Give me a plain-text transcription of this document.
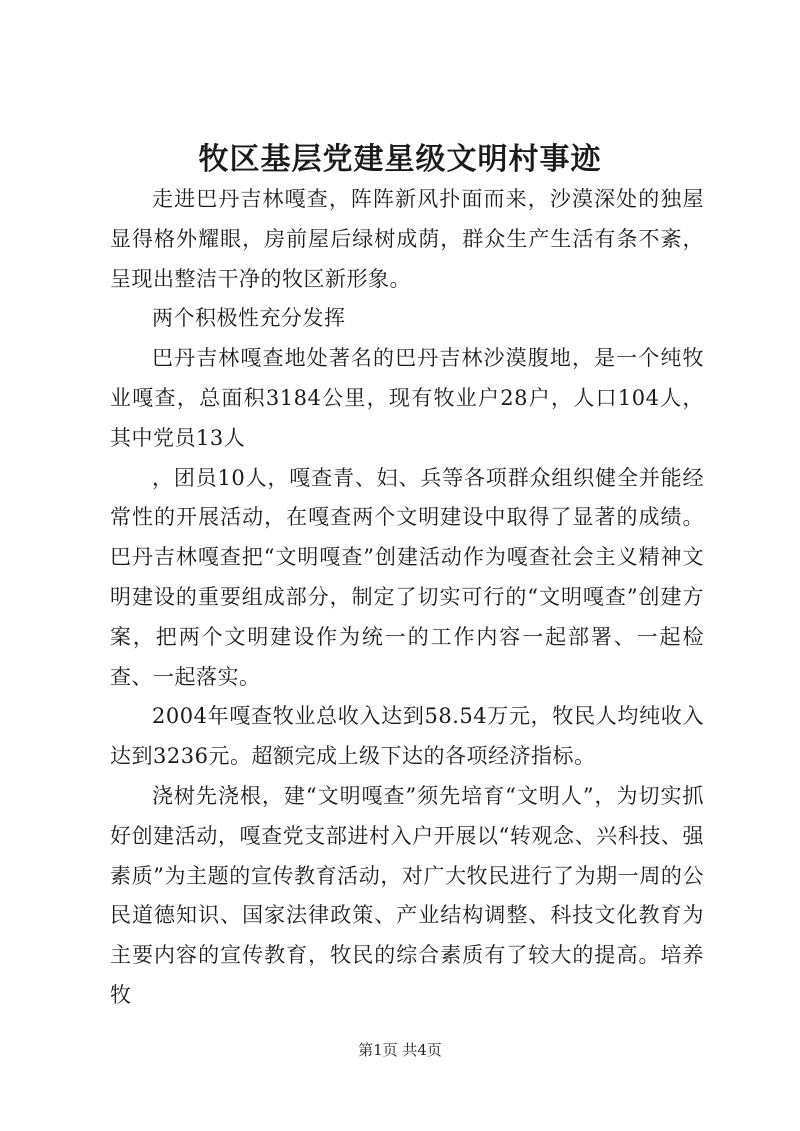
牧区基层党建星级文明村事迹

走进巴丹吉林嘎查，阵阵新风扑面而来，沙漠深处的独屋显得格外耀眼，房前屋后绿树成荫，群众生产生活有条不紊，呈现出整洁干净的牧区新形象。

两个积极性充分发挥

巴丹吉林嘎查地处著名的巴丹吉林沙漠腹地，是一个纯牧业嘎查，总面积3184公里，现有牧业户28户，人口104人，其中党员13人

，团员10人，嘎查青、妇、兵等各项群众组织健全并能经常性的开展活动，在嘎查两个文明建设中取得了显著的成绩。巴丹吉林嘎查把“文明嘎查”创建活动作为嘎查社会主义精神文明建设的重要组成部分，制定了切实可行的“文明嘎查”创建方案，把两个文明建设作为统一的工作内容一起部署、一起检查、一起落实。

2004年嘎查牧业总收入达到58.54万元，牧民人均纯收入达到3236元。超额完成上级下达的各项经济指标。

浇树先浇根，建“文明嘎查”须先培育“文明人”，为切实抓好创建活动，嘎查党支部进村入户开展以“转观念、兴科技、强素质”为主题的宣传教育活动，对广大牧民进行了为期一周的公民道德知识、国家法律政策、产业结构调整、科技文化教育为主要内容的宣传教育，牧民的综合素质有了较大的提高。培养牧

第1页 共4页
